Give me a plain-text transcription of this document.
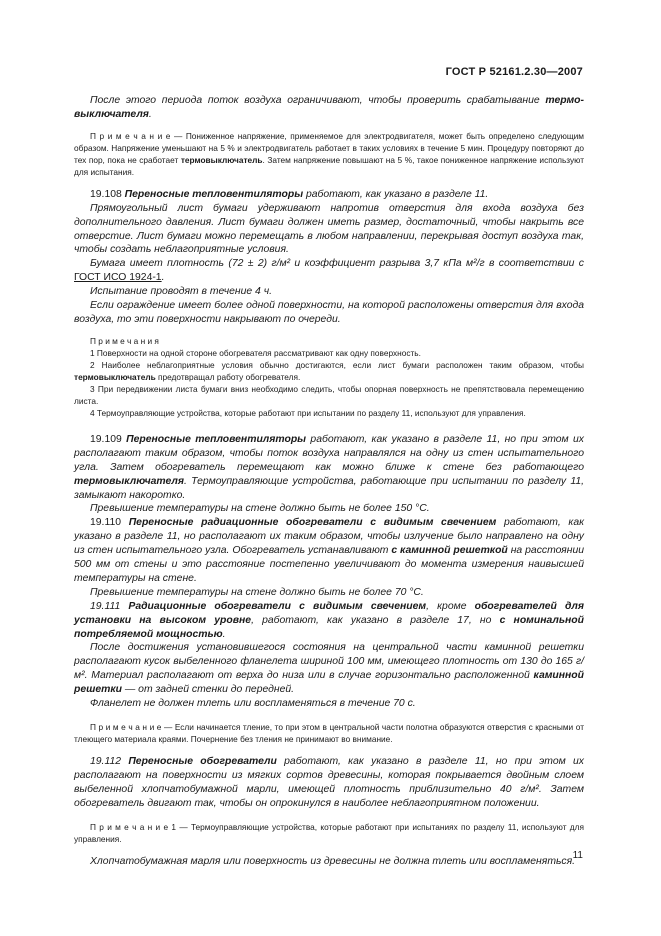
ГОСТ Р 52161.2.30—2007

После этого периода поток воздуха ограничивают, чтобы проверить срабатывание термо-выключателя.

П р и м е ч а н и е — Пониженное напряжение, применяемое для электродвигателя, может быть определено следующим образом. Напряжение уменьшают на 5 % и электродвигатель работает в таких условиях в течение 5 мин. Процедуру повторяют до тех пор, пока не сработает термовыключатель. Затем напряжение повышают на 5 %, такое пониженное напряжение используют для испытания.

19.108 Переносные тепловентиляторы работают, как указано в разделе 11.

Прямоугольный лист бумаги удерживают напротив отверстия для входа воздуха без дополнительного давления. Лист бумаги должен иметь размер, достаточный, чтобы накрыть все отверстие. Лист бумаги можно перемещать в любом направлении, перекрывая доступ воздуха так, чтобы создать неблагоприятные условия.

Бумага имеет плотность (72 ± 2) г/м² и коэффициент разрыва 3,7 кПа м²/г в соответствии с ГОСТ ИСО 1924-1.

Испытание проводят в течение 4 ч.

Если ограждение имеет более одной поверхности, на которой расположены отверстия для входа воздуха, то эти поверхности накрывают по очереди.

П р и м е ч а н и я

1 Поверхности на одной стороне обогревателя рассматривают как одну поверхность.

2 Наиболее неблагоприятные условия обычно достигаются, если лист бумаги расположен таким образом, чтобы термовыключатель предотвращал работу обогревателя.

3 При передвижении листа бумаги вниз необходимо следить, чтобы опорная поверхность не препятствовала перемещению листа.

4 Термоуправляющие устройства, которые работают при испытании по разделу 11, используют для управления.

19.109 Переносные тепловентиляторы работают, как указано в разделе 11, но при этом их располагают таким образом, чтобы поток воздуха направлялся на одну из стен испытательного угла. Затем обогреватель перемещают как можно ближе к стене без работающего термовыключателя. Термоуправляющие устройства, работающие при испытании по разделу 11, замыкают накоротко.

Превышение температуры на стене должно быть не более 150 °С.

19.110 Переносные радиационные обогреватели с видимым свечением работают, как указано в разделе 11, но располагают их таким образом, чтобы излучение было направлено на одну из стен испытательного узла. Обогреватель устанавливают с каминной решеткой на расстоянии 500 мм от стены и это расстояние постепенно увеличивают до момента измерения наивысшей температуры на стене.

Превышение температуры на стене должно быть не более 70 °С.

19.111 Радиационные обогреватели с видимым свечением, кроме обогревателей для установки на высоком уровне, работают, как указано в разделе 17, но с номинальной потребляемой мощностью.

После достижения установившегося состояния на центральной части каминной решетки располагают кусок выбеленного фланелета шириной 100 мм, имеющего плотность от 130 до 165 г/м². Материал располагают от верха до низа или в случае горизонтально расположенной каминной решетки — от задней стенки до передней.

Фланелет не должен тлеть или воспламеняться в течение 70 с.

П р и м е ч а н и е — Если начинается тление, то при этом в центральной части полотна образуются отверстия с красными от тлеющего материала краями. Почернение без тления не принимают во внимание.

19.112 Переносные обогреватели работают, как указано в разделе 11, но при этом их располагают на поверхности из мягких сортов древесины, которая покрывается двойным слоем выбеленной хлопчатобумажной марли, имеющей плотность приблизительно 40 г/м². Затем обогреватель двигают так, чтобы он опрокинулся в наиболее неблагоприятном положении.

П р и м е ч а н и е 1 — Термоуправляющие устройства, которые работают при испытаниях по разделу 11, используют для управления.

Хлопчатобумажная марля или поверхность из древесины не должна тлеть или воспламеняться.

11
